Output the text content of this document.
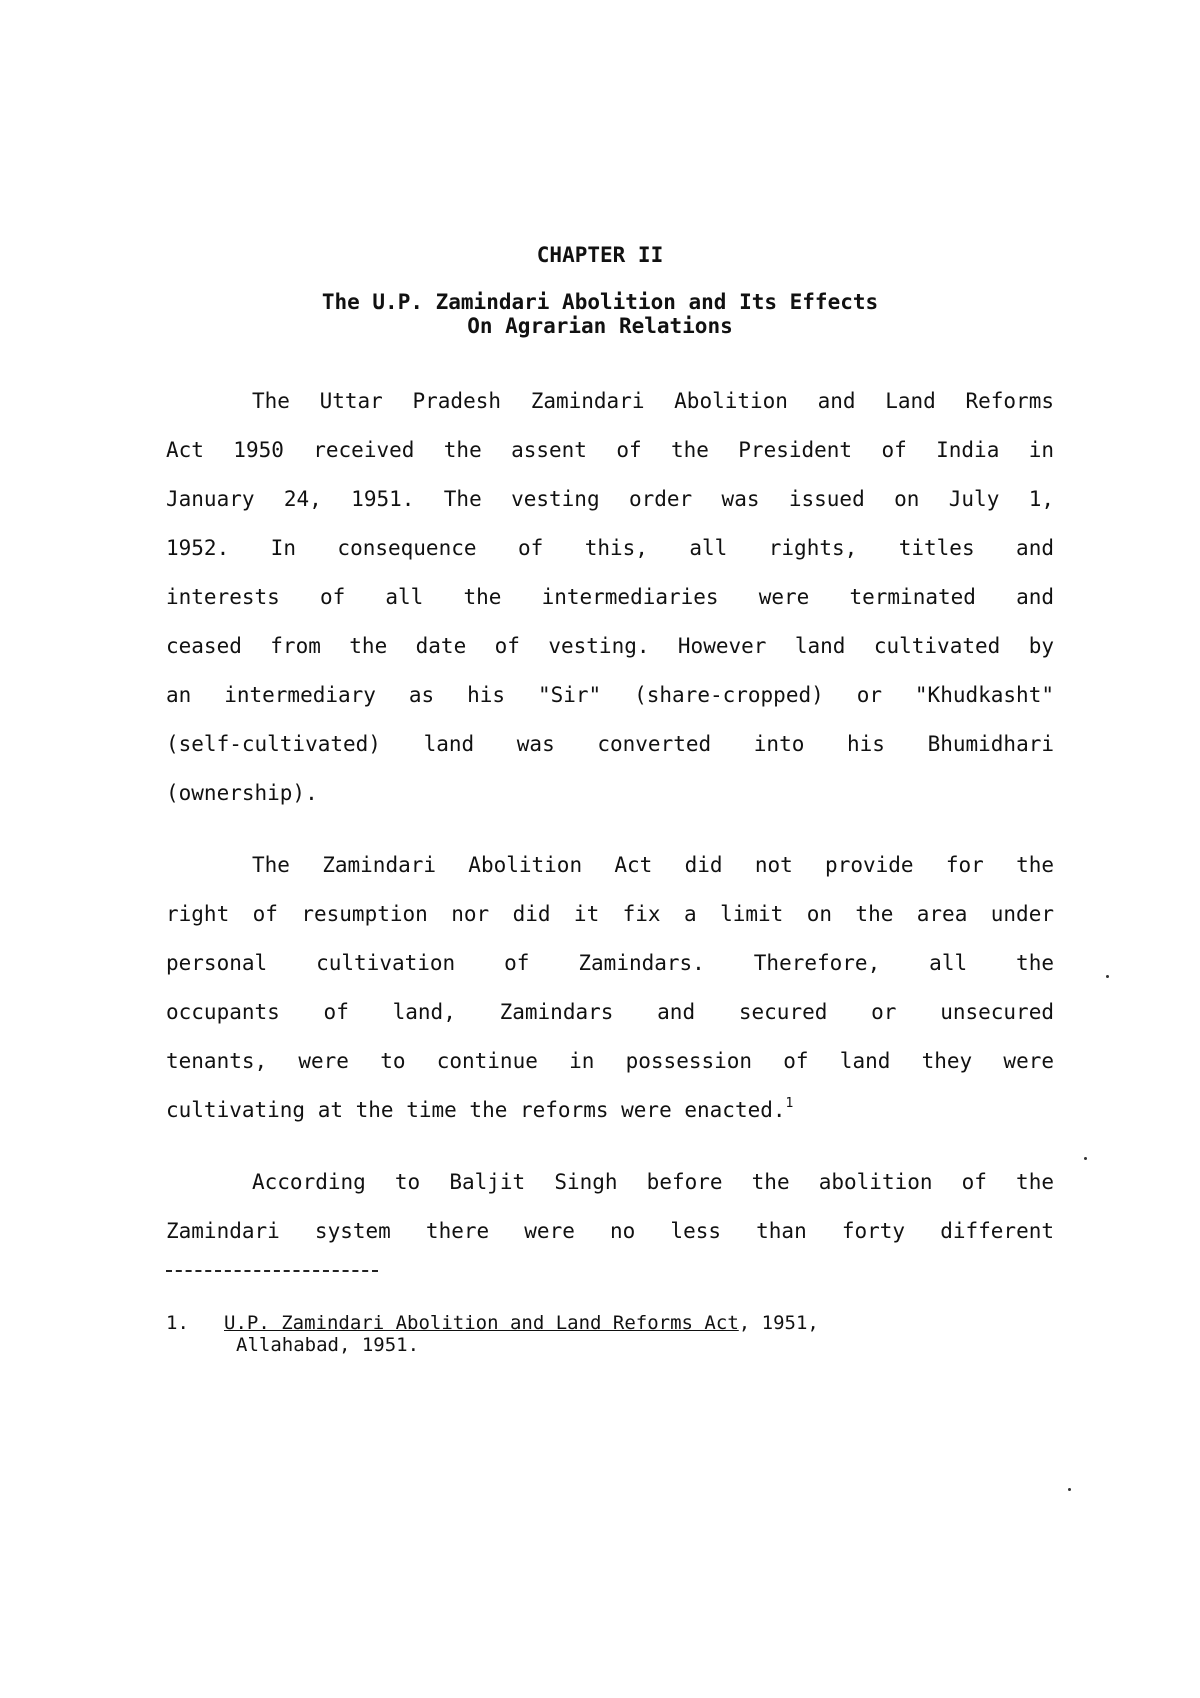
CHAPTER II
The U.P. Zamindari Abolition and Its Effects
On Agrarian Relations
The Uttar Pradesh Zamindari Abolition and Land Reforms
Act 1950 received the assent of the President of India in
January 24, 1951. The vesting order was issued on July 1,
1952. In consequence of this, all rights, titles and
interests of all the intermediaries were terminated and
ceased from the date of vesting. However land cultivated by
an intermediary as his "Sir" (share-cropped) or "Khudkasht"
(self-cultivated) land was converted into his Bhumidhari
(ownership).
The Zamindari Abolition Act did not provide for the
right of resumption nor did it fix a limit on the area under
personal cultivation of Zamindars. Therefore, all the
occupants of land, Zamindars and secured or unsecured
tenants, were to continue in possession of land they were
cultivating at the time the reforms were enacted.$^1$
According to Baljit Singh before the abolition of the
Zamindari system there were no less than forty different
1. U.P. Zamindari Abolition and Land Reforms Act, 1951,
Allahabad, 1951.
